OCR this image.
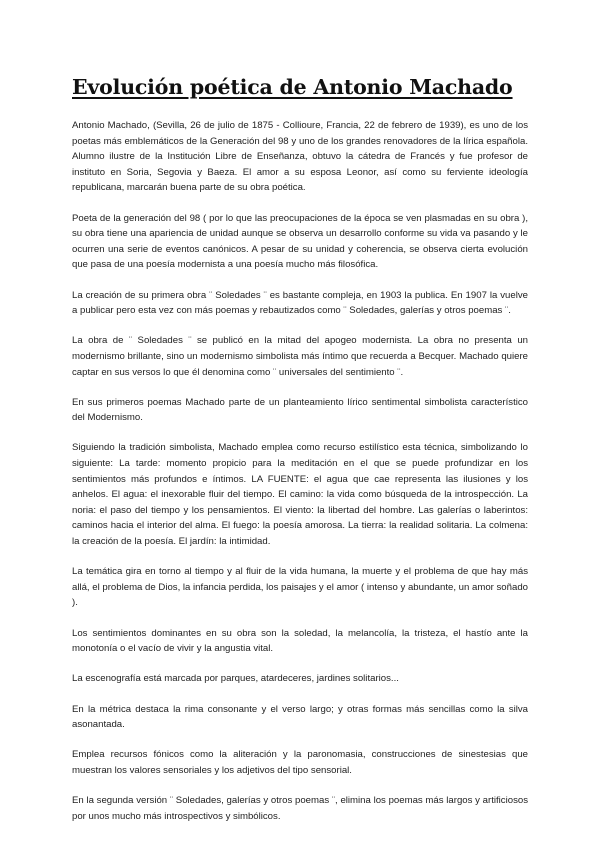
Evolución poética de Antonio Machado

Antonio Machado, (Sevilla, 26 de julio de 1875 - Collioure, Francia, 22 de febrero de 1939), es uno de los poetas más emblemáticos de la Generación del 98 y uno de los grandes renovadores de la lírica española. Alumno ilustre de la Institución Libre de Enseñanza, obtuvo la cátedra de Francés y fue profesor de instituto en Soria, Segovia y Baeza. El amor a su esposa Leonor, así como su ferviente ideología republicana, marcarán buena parte de su obra poética.

Poeta de la generación del 98 ( por lo que las preocupaciones de la época se ven plasmadas en su obra ), su obra tiene una apariencia de unidad aunque se observa un desarrollo conforme su vida va pasando y le ocurren una serie de eventos canónicos. A pesar de su unidad y coherencia, se observa cierta evolución que pasa de una poesía modernista a una poesía mucho más filosófica.

La creación de su primera obra ¨ Soledades ¨ es bastante compleja, en 1903 la publica. En 1907 la vuelve a publicar pero esta vez con más poemas y rebautizados como ¨ Soledades, galerías y otros poemas ¨.

La obra de ¨ Soledades ¨ se publicó en la mitad del apogeo modernista. La obra no presenta un modernismo brillante, sino un modernismo simbolista más íntimo que recuerda a Becquer. Machado quiere captar en sus versos lo que él denomina como ¨ universales del sentimiento ¨.

En sus primeros poemas Machado parte de un planteamiento lírico sentimental simbolista característico del Modernismo.

Siguiendo la tradición simbolista, Machado emplea como recurso estilístico esta técnica, simbolizando lo siguiente: La tarde: momento propicio para la meditación en el que se puede profundizar en los sentimientos más profundos e íntimos. LA FUENTE: el agua que cae representa las ilusiones y los anhelos. El agua: el inexorable fluir del tiempo. El camino: la vida como búsqueda de la introspección. La noria: el paso del tiempo y los pensamientos. El viento: la libertad del hombre. Las galerías o laberintos: caminos hacia el interior del alma. El fuego: la poesía amorosa. La tierra: la realidad solitaria. La colmena: la creación de la poesía. El jardín: la intimidad.

La temática gira en torno al tiempo y al fluir de la vida humana, la muerte y el problema de que hay más allá, el problema de Dios, la infancia perdida, los paisajes y el amor ( intenso y abundante, un amor soñado ).

Los sentimientos dominantes en su obra son la soledad, la melancolía, la tristeza, el hastío ante la monotonía o el vacío de vivir y la angustia vital.

La escenografía está marcada por parques, atardeceres, jardines solitarios...

En la métrica destaca la rima consonante y el verso largo; y otras formas más sencillas como la silva asonantada.

Emplea recursos fónicos como la aliteración y la paronomasia, construcciones de sinestesias que muestran los valores sensoriales y los adjetivos del tipo sensorial.

En la segunda versión ¨ Soledades, galerías y otros poemas ¨, elimina los poemas más largos y artificiosos por unos mucho más introspectivos y simbólicos.
